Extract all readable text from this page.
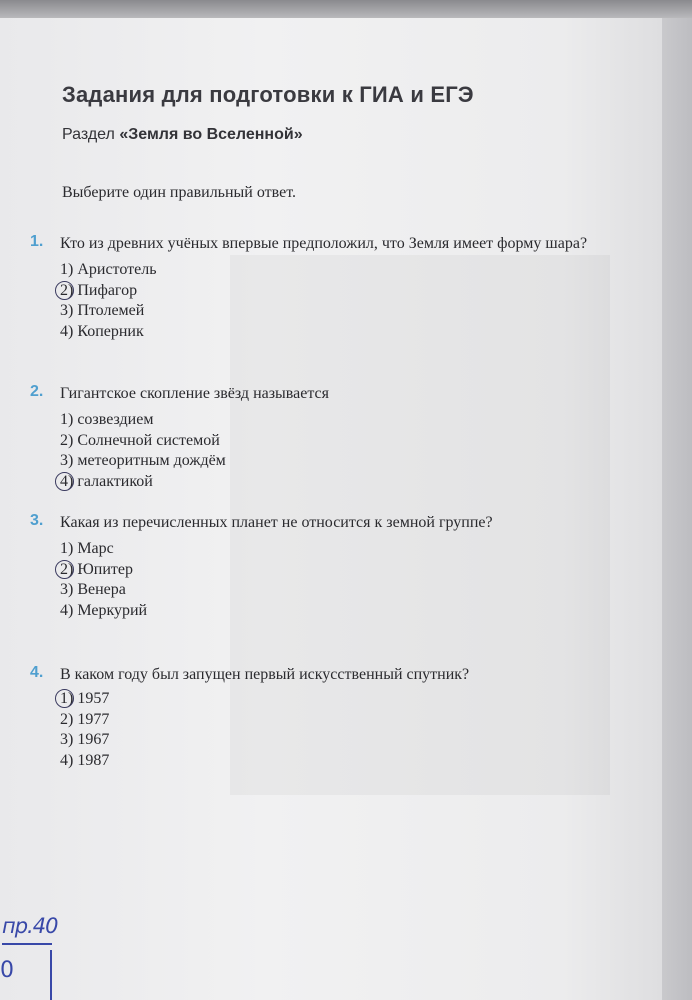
Задания для подготовки к ГИА и ЕГЭ
Раздел «Земля во Вселенной»
Выберите один правильный ответ.
1.	Кто из древних учёных впервые предположил, что Земля имеет форму шара?
1) Аристотель
2) Пифагор
3) Птолемей
4) Коперник
2.	Гигантское скопление звёзд называется
1) созвездием
2) Солнечной системой
3) метеоритным дождём
4) галактикой
3.	Какая из перечисленных планет не относится к земной группе?
1) Марс
2) Юпитер
3) Венера
4) Меркурий
4.	В каком году был запущен первый искусственный спутник?
1) 1957
2) 1977
3) 1967
4) 1987
пр.40
0
